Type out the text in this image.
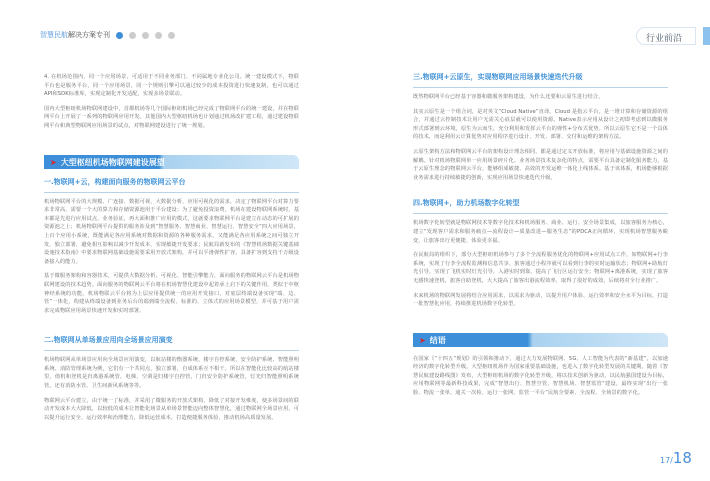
智慧民航解决方案专刊	行业前沿

4. 在机场范围内，同一个应用场景，可适用于不同业务部门、不同属地专业化公司。统一建设模式下，物联平台也是服务平台，同一个应用场景，同一个规则引擎可以通过较少的成本投资进行快速复制，也可以通过API和SDK标准库，实现定制化开发适配，实现多场景联动。

国内大型枢纽机场物联网建设中，首都机场等几个国际枢纽机场已经完成了物联网平台的统一建设，并在物联网平台上开展了一系列的物联网应用开发。其他国内大型枢纽机场也计划通过机场改扩建工程，通过建设物联网平台和典型物联网应用场景的试点，对物联网建设进行了统一规划。

➤ 大型枢纽机场物联网建设展望
一.物联网+云，构建面向服务的物联网云平台

机场物联网平台的大规模、广连接、数据可视、大数据分析、应用可视化的需求，决定了物联网平台对算力要求非常高，需要一个大的算力和存储资源池用于平台建设；为了避免投资浪费，机场在建设物联网系统时，基本都是先进行应用试点，业务验证，再大面积推广应用的模式，这就要求物联网平台是建立在动态的可扩展的资源池之上；机场物联网平台提供的服务涉及到“智慧服务、智慧商业、智慧运行、智慧安全”四大应用场景，上百个应用小系统，既能满足各应用系统对数据和资源的各种服务需求，又能满足各应用系统之间可独立开发、独立部署，避免相互影响以减少开发成本，实现敏捷开发要求；民航局新发布的《智慧机场数据关键基础设施技术指南》中要求物联网基础设施需要采用开放式架构，并可以平滑弹性扩容，具备扩容到支持千万级设备接入的能力。

基于微服务架构和容器技术，可提供大数据分析、可视化、智能引擎能力，面向服务的物联网云平台是机场物联网建设的技术趋势。面向服务的物联网云平台将在机场智慧化建设中起着承上启下的关键作用，类似于中枢神经系统的功能。机场物联云平台将为上层应用提供统一的应用开发接口，对底层终端设备实现“端、边、管”一体化，构建从终端设备到业务后台的端到端全流程、标准的、立体式的应用场景模型，并可基于用户需求完成物联应用场景快速开发和实时部署。

二.物联网从单场景应用向全场景应用演变

机场物联网从单场景应用向全场景应用演变，以航站楼的衡器系统、楼宇自控系统、安全防护系统、智能照明系统、消防管理系统为例，它们有一个共同点，独立部署，自成体系互不相干。所以在智能化比较高的航站楼里，值机和登机是归离港系统管，电梯、空调是归楼宇自控管，门归安全防护系统管，灯光归智能照明系统管，还有消防水管、卫生间新风系统等等。

物联网云平台建立，由于统一了标准，并采用了微服务的开放式架构，降低了对接开发难度，使多场景间的联动开发成本大大降低，以较低的成本让智能化场景从单场景智能迈向整体智慧化，通过物联网全场景应用，可以提升运行安全、运行效率和治理能力，降低运营成本，打造便捷服务体验，推动机场高质量发展。

三.物联网+云原生，实现物联网应用场景快速迭代升级

既然物联网平台已经基于容器和微服务架构建设，为什么还要和云原生进行结合。

其实云原生是一个组合词，是对英文“Cloud Native”直译。Cloud 是指云平台，是一堆计算和存储资源的组合，并通过云控制技术让用户无需关心底层就可以使用资源。Native表示应用从设计之初即考虑到以微服务形式部署到云环境，原生为云而生，充分利用和发挥云平台的弹性+分布式优势。所以云原生它不是一个具体的技术，而是利用云计算优势对应用程序进行设计、开发、部署、交付和运维的架构方法。

云原生架构方法和物联网云平台的架构设计理念相同，都是通过定义开放标准，将应用与基础设施资源之间的解耦。针对机场物联网单一应用场景碎片化、业务场景技术复杂化的特点，需要平台具备定制化服务能力，基于云原生理念的物联网云平台，能够组成敏捷、高效的开发运维一体化上线体系。基于该体系，机场能够根据业务需求进行持续敏捷的创新，实现应用场景快速迭代升级。

四.物联网+，助力机场数字化转型

机场数字化转型就是物联网技术等数字化技术和机场服务、商业、运行、安全场景集成，以旅客服务为核心，建立“发现客户需求和服务痛点—流程设计—质量改进—服务生态”的PDCA正向循环，实现机场智慧服务蜕变，让旅客出行更便捷、体验更幸福。

在民航局的组织下，部分大型枢纽机场参与了多个全流程服务优化的物联网+应用试点工作，如物联网+行李系统，实现了行李全流程监测和信息共享，旅客通过小程序就可以看到行李的实时运输状态；物联网+助航灯光引导，实现了飞机实时灯光引导，入港实时到靠，提高了飞行区运行安全；物联网+离港系统，实现了旅客无感快速登机，旅客自助登机，大大提高了旅客出港流程效率，取得了很好的成效，后续将对全行业推广。

未来机场的物联网发展将结合应用需求，以需求为驱动，以提升用户体验、运行效率和安全水平为目标，打造一批智慧化应用，持续推进机场数字化转型。

➤ 结语

在国家《“十四五”规划》的引领和推动下，通过大力发展物联网、5G、人工智能为代表的“新基建”，以加速经济的数字化转型升级。大型枢纽机场作为国家重要基础设施，也进入了数字化转型发展的关键期。随着《智慧民航建设路线图》发布，大型枢纽机场的数字化转型升级，将以技术创新为驱动，以民航强国建设为目标，应用物联网等最新科技成果，完成“智慧出行、智慧空管、智慧机场、智慧监管”建设，最终实现“出行一张脸、物流一张单、通关一次检、运行一张网、监管一平台”民航全要素、全流程、全场景的数字化。

17/18
